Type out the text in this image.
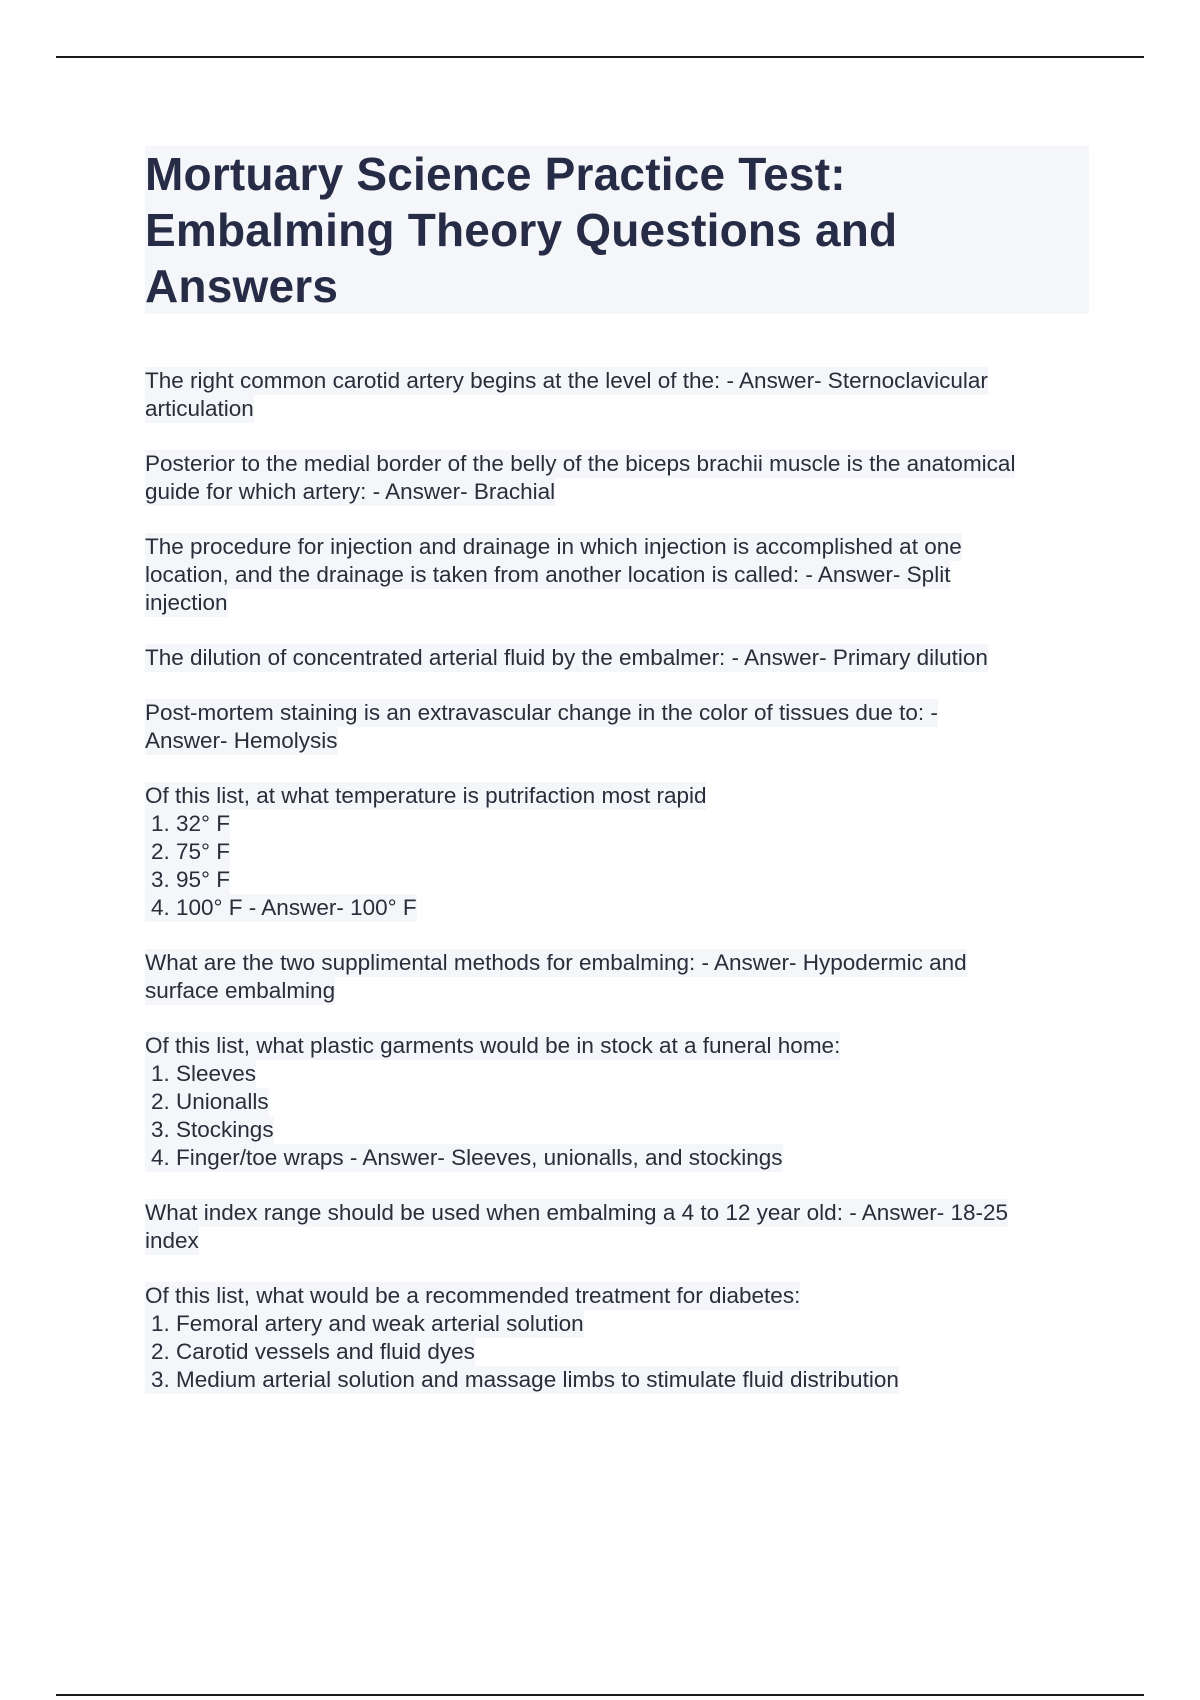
Mortuary Science Practice Test:
Embalming Theory Questions and
Answers
The right common carotid artery begins at the level of the: - Answer- Sternoclavicular
articulation
Posterior to the medial border of the belly of the biceps brachii muscle is the anatomical
guide for which artery: - Answer- Brachial
The procedure for injection and drainage in which injection is accomplished at one
location, and the drainage is taken from another location is called: - Answer- Split
injection
The dilution of concentrated arterial fluid by the embalmer: - Answer- Primary dilution
Post-mortem staining is an extravascular change in the color of tissues due to: -
Answer- Hemolysis
Of this list, at what temperature is putrifaction most rapid
1. 32° F
2. 75° F
3. 95° F
4. 100° F - Answer- 100° F
What are the two supplimental methods for embalming: - Answer- Hypodermic and
surface embalming
Of this list, what plastic garments would be in stock at a funeral home:
1. Sleeves
2. Unionalls
3. Stockings
4. Finger/toe wraps - Answer- Sleeves, unionalls, and stockings
What index range should be used when embalming a 4 to 12 year old: - Answer- 18-25
index
Of this list, what would be a recommended treatment for diabetes:
1. Femoral artery and weak arterial solution
2. Carotid vessels and fluid dyes
3. Medium arterial solution and massage limbs to stimulate fluid distribution
